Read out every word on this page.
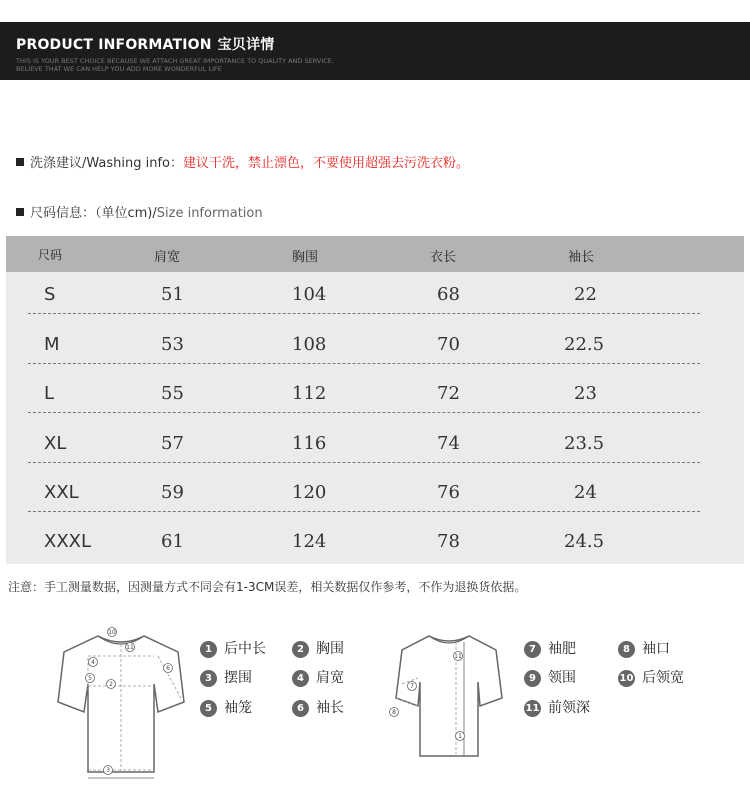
PRODUCT INFORMATION 宝贝详情
THIS IS YOUR BEST CHOICE BECAUSE WE ATTACH GREAT IMPORTANCE TO QUALITY AND SERVICE.
BELIEVE THAT WE CAN HELP YOU ADD MORE WONDERFUL LIFE
洗涤建议/Washing info：建议干洗，禁止漂色，不要使用超强去污洗衣粉。
尺码信息：（单位cm)/Size information
尺码	肩宽	胸围	衣长	袖长
S	51	104	68	22
M	53	108	70	22.5
L	55	112	72	23
XL	57	116	74	23.5
XXL	59	120	76	24
XXXL	61	124	78	24.5
注意：手工测量数据，因测量方式不同会有1-3CM误差，相关数据仅作参考，不作为退换货依据。
10
11
4
5
2
6
3
1 后中长
3 摆围
5 袖笼
2 胸围
4 肩宽
6 袖长
11
7
8
1
7 袖肥
9 领围
11 前领深
8 袖口
10 后领宽
